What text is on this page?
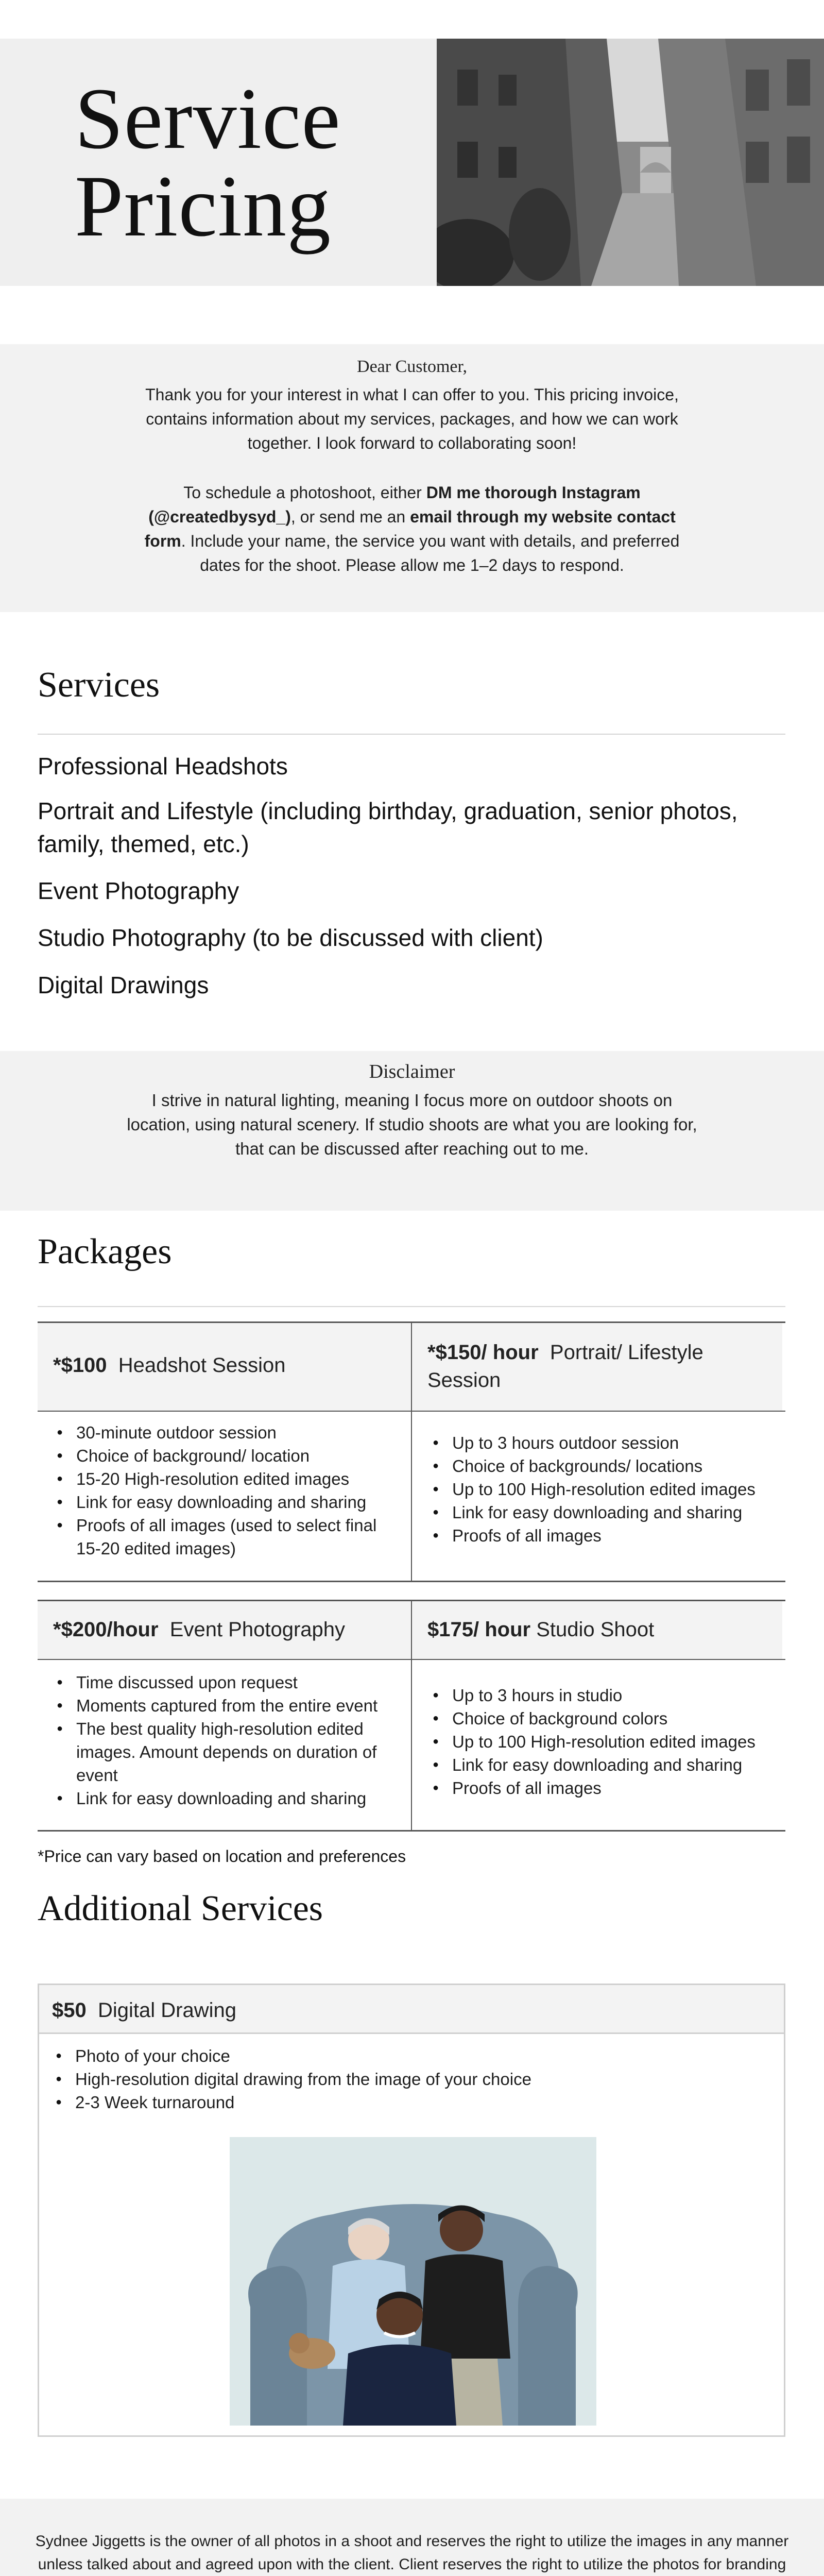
Service
Pricing
Dear Customer,
Thank you for your interest in what I can offer to you. This pricing invoice, contains information about my services, packages, and how we can work together. I look forward to collaborating soon!
To schedule a photoshoot, either DM me thorough Instagram (@createdbysyd_), or send me an email through my website contact form. Include your name, the service you want with details, and preferred dates for the shoot. Please allow me 1–2 days to respond.
Services
Professional Headshots
Portrait and Lifestyle (including birthday, graduation, senior photos, family, themed, etc.)
Event Photography
Studio Photography (to be discussed with client)
Digital Drawings
Disclaimer
I strive in natural lighting, meaning I focus more on outdoor shoots on location, using natural scenery. If studio shoots are what you are looking for, that can be discussed after reaching out to me.
Packages
*$100 Headshot Session
*$150/ hour Portrait/ Lifestyle Session
● 30-minute outdoor session
● Choice of background/ location
● 15-20 High-resolution edited images
● Link for easy downloading and sharing
● Proofs of all images (used to select final 15-20 edited images)
● Up to 3 hours outdoor session
● Choice of backgrounds/ locations
● Up to 100 High-resolution edited images
● Link for easy downloading and sharing
● Proofs of all images
*$200/hour Event Photography	$175/ hour Studio Shoot
● Time discussed upon request
● Moments captured from the entire event
● The best quality high-resolution edited images. Amount depends on duration of event
● Link for easy downloading and sharing
● Up to 3 hours in studio
● Choice of background colors
● Up to 100 High-resolution edited images
● Link for easy downloading and sharing
● Proofs of all images
*Price can vary based on location and preferences
Additional Services
$50 Digital Drawing
● Photo of your choice
● High-resolution digital drawing from the image of your choice
● 2-3 Week turnaround

Sydnee Jiggetts is the owner of all photos in a shoot and reserves the right to utilize the images in any manner unless talked about and agreed upon with the client. Client reserves the right to utilize the photos for branding
